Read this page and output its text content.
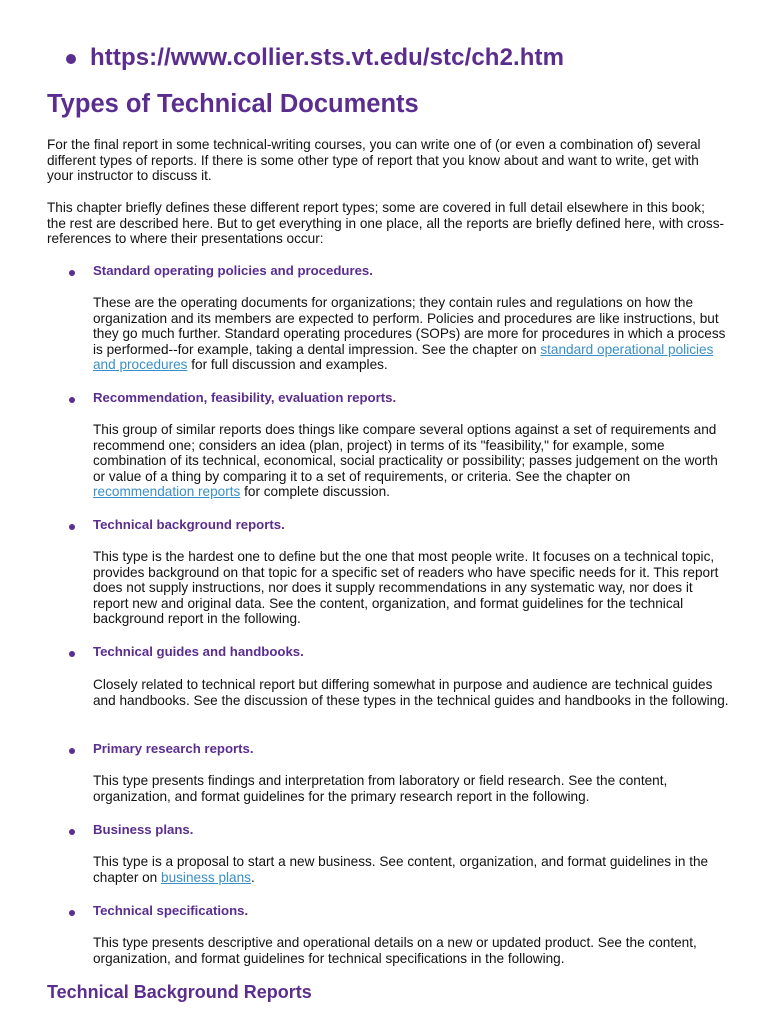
https://www.collier.sts.vt.edu/stc/ch2.htm
Types of Technical Documents

For the final report in some technical-writing courses, you can write one of (or even a combination of) several different types of reports. If there is some other type of report that you know about and want to write, get with your instructor to discuss it.

This chapter briefly defines these different report types; some are covered in full detail elsewhere in this book; the rest are described here. But to get everything in one place, all the reports are briefly defined here, with cross-references to where their presentations occur:

Standard operating policies and procedures.

These are the operating documents for organizations; they contain rules and regulations on how the organization and its members are expected to perform. Policies and procedures are like instructions, but they go much further. Standard operating procedures (SOPs) are more for procedures in which a process is performed--for example, taking a dental impression. See the chapter on standard operational policies and procedures for full discussion and examples.

Recommendation, feasibility, evaluation reports.

This group of similar reports does things like compare several options against a set of requirements and recommend one; considers an idea (plan, project) in terms of its "feasibility," for example, some combination of its technical, economical, social practicality or possibility; passes judgement on the worth or value of a thing by comparing it to a set of requirements, or criteria. See the chapter on recommendation reports for complete discussion.

Technical background reports.

This type is the hardest one to define but the one that most people write. It focuses on a technical topic, provides background on that topic for a specific set of readers who have specific needs for it. This report does not supply instructions, nor does it supply recommendations in any systematic way, nor does it report new and original data. See the content, organization, and format guidelines for the technical background report in the following.

Technical guides and handbooks.

Closely related to technical report but differing somewhat in purpose and audience are technical guides and handbooks. See the discussion of these types in the technical guides and handbooks in the following.

Primary research reports.

This type presents findings and interpretation from laboratory or field research. See the content, organization, and format guidelines for the primary research report in the following.

Business plans.

This type is a proposal to start a new business. See content, organization, and format guidelines in the chapter on business plans.

Technical specifications.

This type presents descriptive and operational details on a new or updated product. See the content, organization, and format guidelines for technical specifications in the following.

Technical Background Reports
